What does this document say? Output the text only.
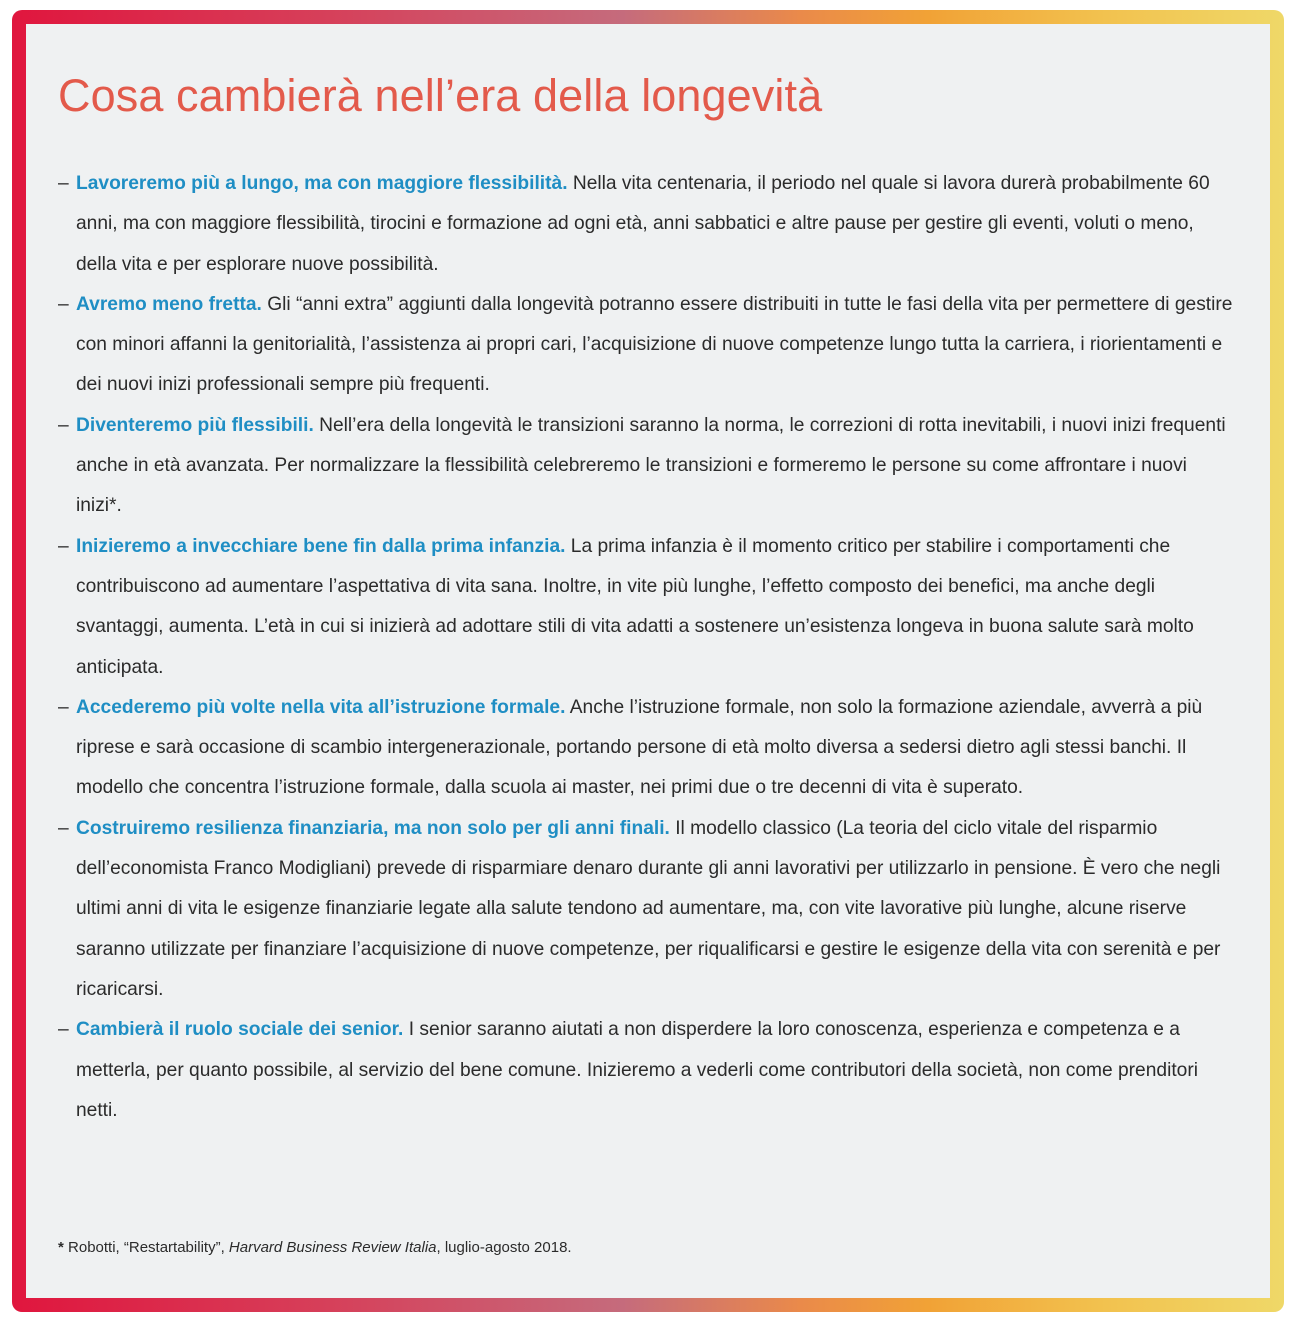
Cosa cambierà nell’era della longevità
– Lavoreremo più a lungo, ma con maggiore flessibilità. Nella vita centenaria, il periodo nel quale si lavora durerà probabilmente 60 anni, ma con maggiore flessibilità, tirocini e formazione ad ogni età, anni sabbatici e altre pause per gestire gli eventi, voluti o meno, della vita e per esplorare nuove possibilità.
– Avremo meno fretta. Gli “anni extra” aggiunti dalla longevità potranno essere distribuiti in tutte le fasi della vita per permettere di gestire con minori affanni la genitorialità, l’assistenza ai propri cari, l’acquisizione di nuove competenze lungo tutta la carriera, i riorientamenti e dei nuovi inizi professionali sempre più frequenti.
– Diventeremo più flessibili. Nell’era della longevità le transizioni saranno la norma, le correzioni di rotta inevitabili, i nuovi inizi frequenti anche in età avanzata. Per normalizzare la flessibilità celebreremo le transizioni e formeremo le persone su come affrontare i nuovi inizi*.
– Inizieremo a invecchiare bene fin dalla prima infanzia. La prima infanzia è il momento critico per stabilire i comportamenti che contribuiscono ad aumentare l’aspettativa di vita sana. Inoltre, in vite più lunghe, l’effetto composto dei benefici, ma anche degli svantaggi, aumenta. L’età in cui si inizierà ad adottare stili di vita adatti a sostenere un’esistenza longeva in buona salute sarà molto anticipata.
– Accederemo più volte nella vita all’istruzione formale. Anche l’istruzione formale, non solo la formazione aziendale, avverrà a più riprese e sarà occasione di scambio intergenerazionale, portando persone di età molto diversa a sedersi dietro agli stessi banchi. Il modello che concentra l’istruzione formale, dalla scuola ai master, nei primi due o tre decenni di vita è superato.
– Costruiremo resilienza finanziaria, ma non solo per gli anni finali. Il modello classico (La teoria del ciclo vitale del risparmio dell’economista Franco Modigliani) prevede di risparmiare denaro durante gli anni lavorativi per utilizzarlo in pensione. È vero che negli ultimi anni di vita le esigenze finanziarie legate alla salute tendono ad aumentare, ma, con vite lavorative più lunghe, alcune riserve saranno utilizzate per finanziare l’acquisizione di nuove competenze, per riqualificarsi e gestire le esigenze della vita con serenità e per ricaricarsi.
– Cambierà il ruolo sociale dei senior. I senior saranno aiutati a non disperdere la loro conoscenza, esperienza e competenza e a metterla, per quanto possibile, al servizio del bene comune. Inizieremo a vederli come contributori della società, non come prenditori netti.

* Robotti, “Restartability”, Harvard Business Review Italia, luglio-agosto 2018.
